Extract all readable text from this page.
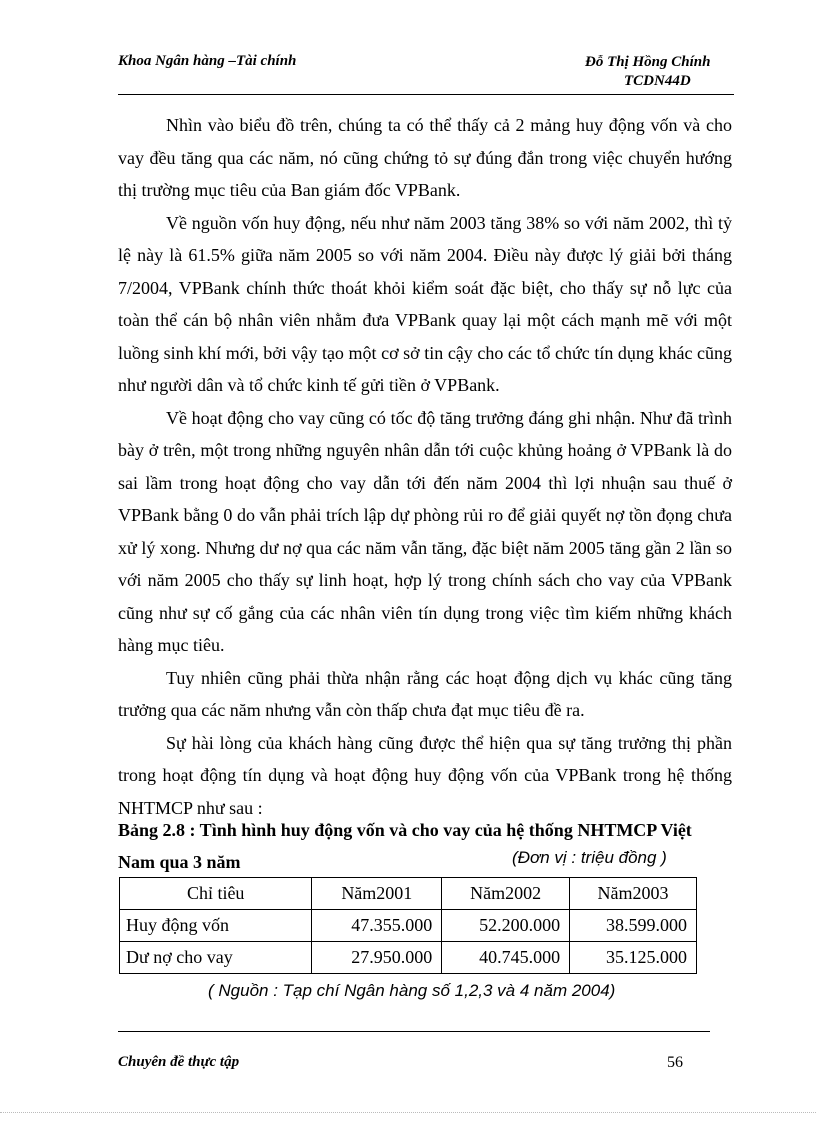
Khoa Ngân hàng –Tài chính	Đỗ Thị Hồng Chính
TCDN44D

Nhìn vào biểu đồ trên, chúng ta có thể thấy cả 2 mảng huy động vốn và cho vay đều tăng qua các năm, nó cũng chứng tỏ sự đúng đắn trong việc chuyển hướng thị trường mục tiêu của Ban giám đốc VPBank.

Về nguồn vốn huy động, nếu như năm 2003 tăng 38% so với năm 2002, thì tỷ lệ này là 61.5% giữa năm 2005 so với năm 2004. Điều này được lý giải bởi tháng 7/2004, VPBank chính thức thoát khỏi kiểm soát đặc biệt, cho thấy sự nỗ lực của toàn thể cán bộ nhân viên nhằm đưa VPBank quay lại một cách mạnh mẽ với một luồng sinh khí mới, bởi vậy tạo một cơ sở tin cậy cho các tổ chức tín dụng khác cũng như người dân và tổ chức kinh tế gửi tiền ở VPBank.

Về hoạt động cho vay cũng có tốc độ tăng trưởng đáng ghi nhận. Như đã trình bày ở trên, một trong những nguyên nhân dẫn tới cuộc khủng hoảng ở VPBank là do sai lầm trong hoạt động cho vay dẫn tới đến năm 2004 thì lợi nhuận sau thuế ở VPBank bằng 0 do vẫn phải trích lập dự phòng rủi ro để giải quyết nợ tồn đọng chưa xử lý xong. Nhưng dư nợ qua các năm vẫn tăng, đặc biệt năm 2005 tăng gần 2 lần so với năm 2005 cho thấy sự linh hoạt, hợp lý trong chính sách cho vay của VPBank cũng như sự cố gắng của các nhân viên tín dụng trong việc tìm kiếm những khách hàng mục tiêu.

Tuy nhiên cũng phải thừa nhận rằng các hoạt động dịch vụ khác cũng tăng trưởng qua các năm nhưng vẫn còn thấp chưa đạt mục tiêu đề ra.

Sự hài lòng của khách hàng cũng được thể hiện qua sự tăng trưởng thị phần trong hoạt động tín dụng và hoạt động huy động vốn của VPBank trong hệ thống NHTMCP như sau :

Bảng 2.8 : Tình hình huy động vốn và cho vay của hệ thống NHTMCP Việt Nam qua 3 năm	(Đơn vị : triệu đồng )
Chỉ tiêu	Năm2001	Năm2002	Năm2003
Huy động vốn	47.355.000	52.200.000	38.599.000
Dư nợ cho vay	27.950.000	40.745.000	35.125.000
( Nguồn : Tạp chí Ngân hàng số 1,2,3 và 4 năm 2004)
Chuyên đề thực tập	56
